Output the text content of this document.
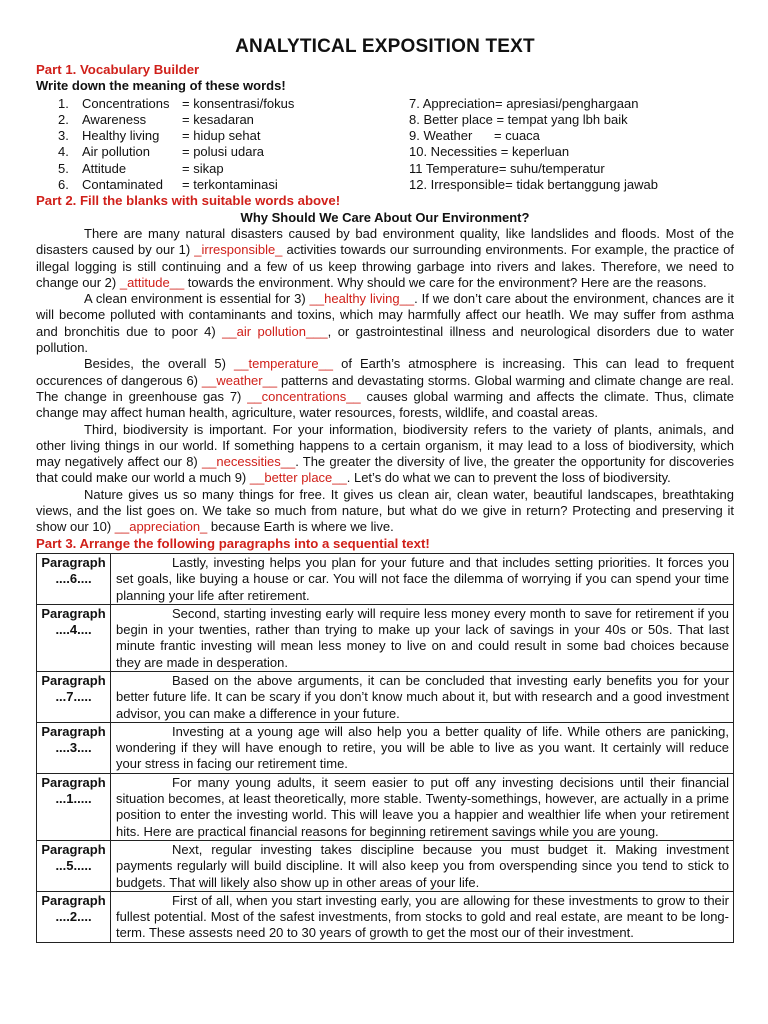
ANALYTICAL EXPOSITION TEXT
Part 1. Vocabulary Builder
Write down the meaning of these words!
1.	Concentrations = konsentrasi/fokus
2.	Awareness	= kesadaran
3.	Healthy living	= hidup sehat
4.	Air pollution	= polusi udara
5.	Attitude	= sikap
6.	Contaminated	= terkontaminasi
7. Appreciation= apresiasi/penghargaan
8. Better place = tempat yang lbh baik
9. Weather      = cuaca
10. Necessities = keperluan
11 Temperature= suhu/temperatur
12. Irresponsible= tidak bertanggung jawab
Part 2. Fill the blanks with suitable words above!
Why Should We Care About Our Environment?
There are many natural disasters caused by bad environment quality, like landslides and floods. Most of the disasters caused by our 1) _irresponsible_ activities towards our surrounding environments. For example, the practice of illegal logging is still continuing and a few of us keep throwing garbage into rivers and lakes. Therefore, we need to change our 2) _attitude__ towards the environment. Why should we care for the environment? Here are the reasons.
A clean environment is essential for 3) __healthy living__. If we don’t care about the environment, chances are it will become polluted with contaminants and toxins, which may harmfully affect our heatlh. We may suffer from asthma and bronchitis due to poor 4) __air pollution___, or gastrointestinal illness and neurological disorders due to water pollution.
Besides, the overall 5) __temperature__ of Earth’s atmosphere is increasing. This can lead to frequent occurences of dangerous 6) __weather__ patterns and devastating storms. Global warming and climate change are real. The change in greenhouse gas 7) __concentrations__ causes global warming and affects the climate. Thus, climate change may affect human health, agriculture, water resources, forests, wildlife, and coastal areas.
Third, biodiversity is important. For your information, biodiversity refers to the variety of plants, animals, and other living things in our world. If something happens to a certain organism, it may lead to a loss of biodiversity, which may negatively affect our 8) __necessities__. The greater the diversity of live, the greater the opportunity for discoveries that could make our world a much 9) __better place__. Let’s do what we can to prevent the loss of biodiversity.
Nature gives us so many things for free. It gives us clean air, clean water, beautiful landscapes, breathtaking views, and the list goes on. We take so much from nature, but what do we give in return? Protecting and preserving it show our 10) __appreciation_ because Earth is where we live.
Part 3. Arrange the following paragraphs into a sequential text!
Paragraph
....6....	Lastly, investing helps you plan for your future and that includes setting priorities. It forces you set goals, like buying a house or car. You will not face the dilemma of worrying if you can spend your time planning your life after retirement.

Paragraph
....4....	Second, starting investing early will require less money every month to save for retirement if you begin in your twenties, rather than trying to make up your lack of savings in your 40s or 50s. That last minute frantic investing will mean less money to live on and could result in some bad choices because they are made in desperation.

Paragraph
...7.....	Based on the above arguments, it can be concluded that investing early benefits you for your better future life. It can be scary if you don’t know much about it, but with research and a good investment advisor, you can make a difference in your future.

Paragraph
....3....	Investing at a young age will also help you a better quality of life. While others are panicking, wondering if they will have enough to retire, you will be able to live as you want. It certainly will reduce your stress in facing our retirement time.

Paragraph
...1.....	For many young adults, it seem easier to put off any investing decisions until their financial situation becomes, at least theoretically, more stable. Twenty-somethings, however, are actually in a prime position to enter the investing world. This will leave you a happier and wealthier life when your retirement hits. Here are practical financial reasons for beginning retirement savings while you are young.

Paragraph
...5.....	Next, regular investing takes discipline because you must budget it. Making investment payments regularly will build discipline. It will also keep you from overspending since you tend to stick to budgets. That will likely also show up in other areas of your life.

Paragraph
....2....	First of all, when you start investing early, you are allowing for these investments to grow to their fullest potential. Most of the safest investments, from stocks to gold and real estate, are meant to be long-term. These assests need 20 to 30 years of growth to get the most our of their investment.
